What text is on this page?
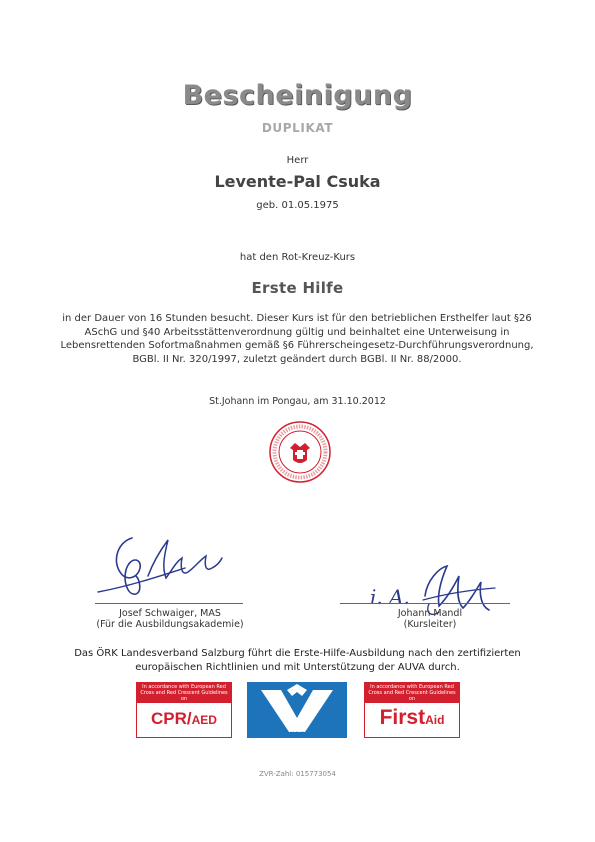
Bescheinigung
DUPLIKAT
Herr
Levente-Pal Csuka
geb. 01.05.1975
hat den Rot-Kreuz-Kurs
Erste Hilfe
in der Dauer von 16 Stunden besucht. Dieser Kurs ist für den betrieblichen Ersthelfer laut §26 ASchG und §40 Arbeitsstättenverordnung gültig und beinhaltet eine Unterweisung in Lebensrettenden Sofortmaßnahmen gemäß §6 Führerscheingesetz-Durchführungsverordnung, BGBl. II Nr. 320/1997, zuletzt geändert durch BGBl. II Nr. 88/2000.
St.Johann im Pongau, am 31.10.2012
i. A.
Josef Schwaiger, MAS
(Für die Ausbildungsakademie)
Johann Mandl
(Kursleiter)
Das ÖRK Landesverband Salzburg führt die Erste-Hilfe-Ausbildung nach den zertifizierten europäischen Richtlinien und mit Unterstützung der AUVA durch.
In accordance with European Red Cross and Red Crescent Guidelines on
CPR/AED
AUVA
In accordance with European Red Cross and Red Crescent Guidelines on
FirstAid
ZVR-Zahl: 015773054
